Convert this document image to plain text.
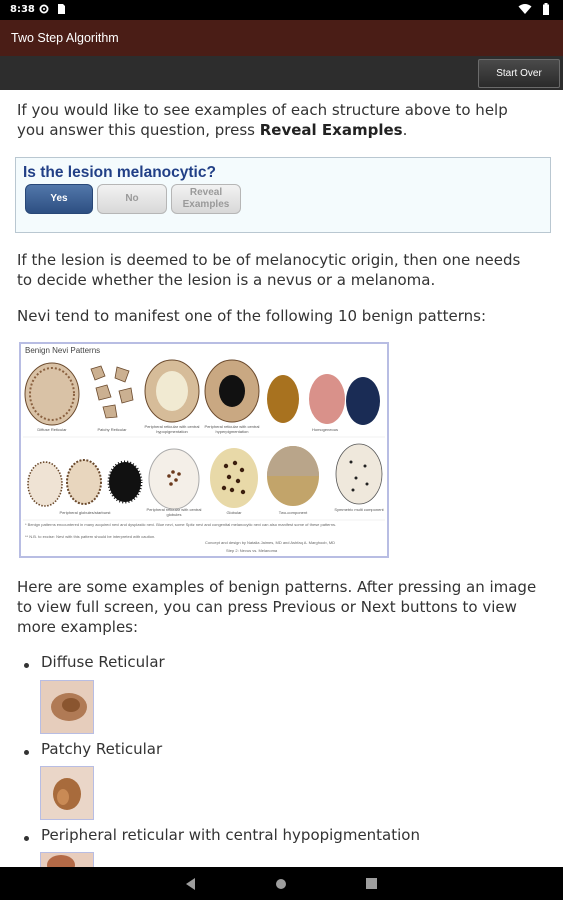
8:38
Two Step Algorithm
Start Over

If you would like to see examples of each structure above to help you answer this question, press Reveal Examples.

Is the lesion melanocytic?
Yes	No
Reveal
Examples

If the lesion is deemed to be of melanocytic origin, then one needs to decide whether the lesion is a nevus or a melanoma.

Nevi tend to manifest one of the following 10 benign patterns:

Benign Nevi Patterns
Diffuse Reticular	Patchy Reticular
Peripheral reticular with central hypopigmentation
Peripheral reticular with central hyperpigmentation	Homogeneous
Peripheral globules/starburst
Peripheral reticular with central globules	Globular	Two-component
Symmetric multi component
* Benign patterns encountered in many acquired nevi and dysplastic nevi. Blue nevi, some Spitz nevi and congenital melanocytic nevi can also manifest some of these patterns.
** N.B. to excise: Nevi with this pattern should be interpreted with caution.
Concept and design by Natalia Jaimes, MD and Ashfaq A. Marghoob, MD
Step 2: Nevus vs. Melanoma

Here are some examples of benign patterns. After pressing an image to view full screen, you can press Previous or Next buttons to view more examples:

Diffuse Reticular
Patchy Reticular
Peripheral reticular with central hypopigmentation
